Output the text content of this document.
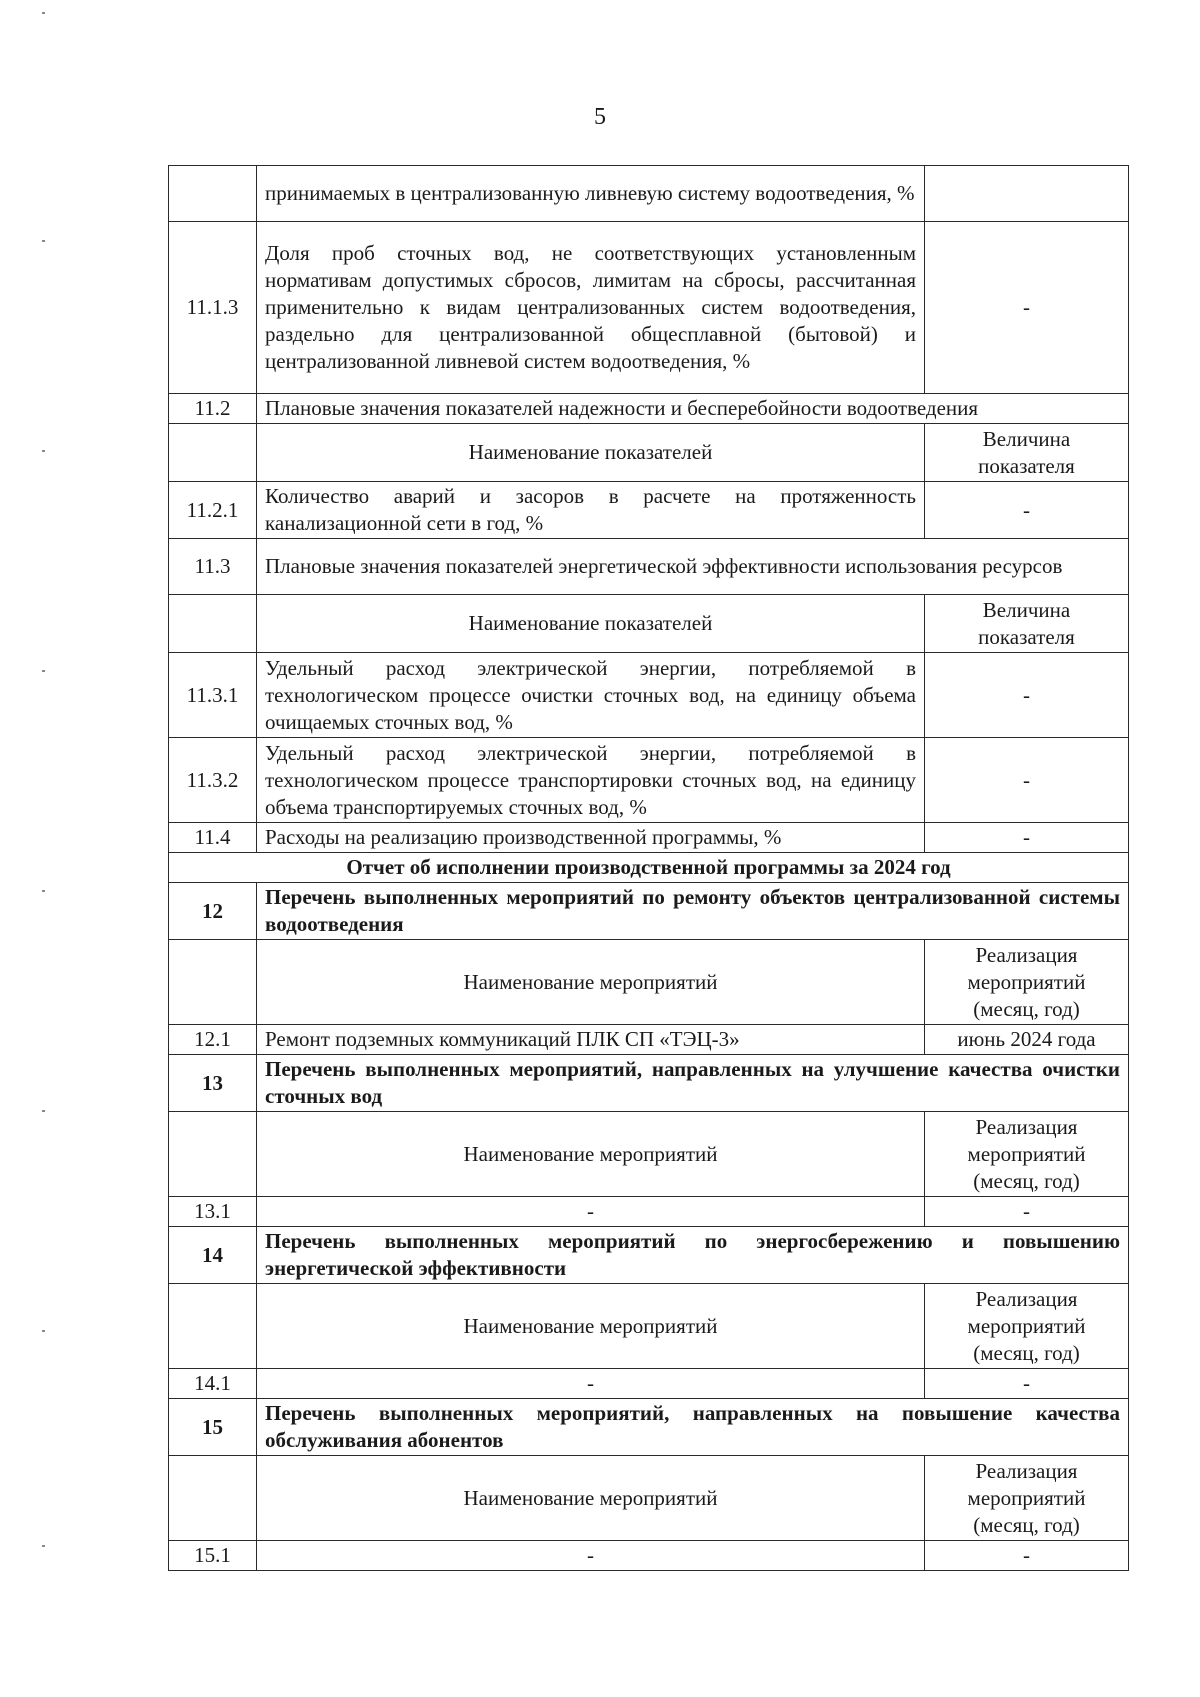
5
	принимаемых в централизованную ливневую систему водоотведения, %	
11.1.3	Доля проб сточных вод, не соответствующих установленным нормативам допустимых сбросов, лимитам на сбросы, рассчитанная применительно к видам централизованных систем водоотведения, раздельно для централизованной общесплавной (бытовой) и централизованной ливневой систем водоотведения, %	-
11.2	Плановые значения показателей надежности и бесперебойности водоотведения	
	Наименование показателей	Величина показателя
11.2.1	Количество аварий и засоров в расчете на протяженность канализационной сети в год, %	-
11.3	Плановые значения показателей энергетической эффективности использования ресурсов	
	Наименование показателей	Величина показателя
11.3.1	Удельный расход электрической энергии, потребляемой в технологическом процессе очистки сточных вод, на единицу объема очищаемых сточных вод, %	-
11.3.2	Удельный расход электрической энергии, потребляемой в технологическом процессе транспортировки сточных вод, на единицу объема транспортируемых сточных вод, %	-
11.4	Расходы на реализацию производственной программы, %	-
Отчет об исполнении производственной программы за 2024 год		
12	Перечень выполненных мероприятий по ремонту объектов централизованной системы водоотведения	
	Наименование мероприятий	Реализация мероприятий (месяц, год)
12.1	Ремонт подземных коммуникаций ПЛК СП «ТЭЦ-3»	июнь 2024 года
13	Перечень выполненных мероприятий, направленных на улучшение качества очистки сточных вод	
	Наименование мероприятий	Реализация мероприятий (месяц, год)
13.1	-	-
14	Перечень выполненных мероприятий по энергосбережению и повышению энергетической эффективности	
	Наименование мероприятий	Реализация мероприятий (месяц, год)
14.1	-	-
15	Перечень выполненных мероприятий, направленных на повышение качества обслуживания абонентов	
	Наименование мероприятий	Реализация мероприятий (месяц, год)
15.1	-	-
